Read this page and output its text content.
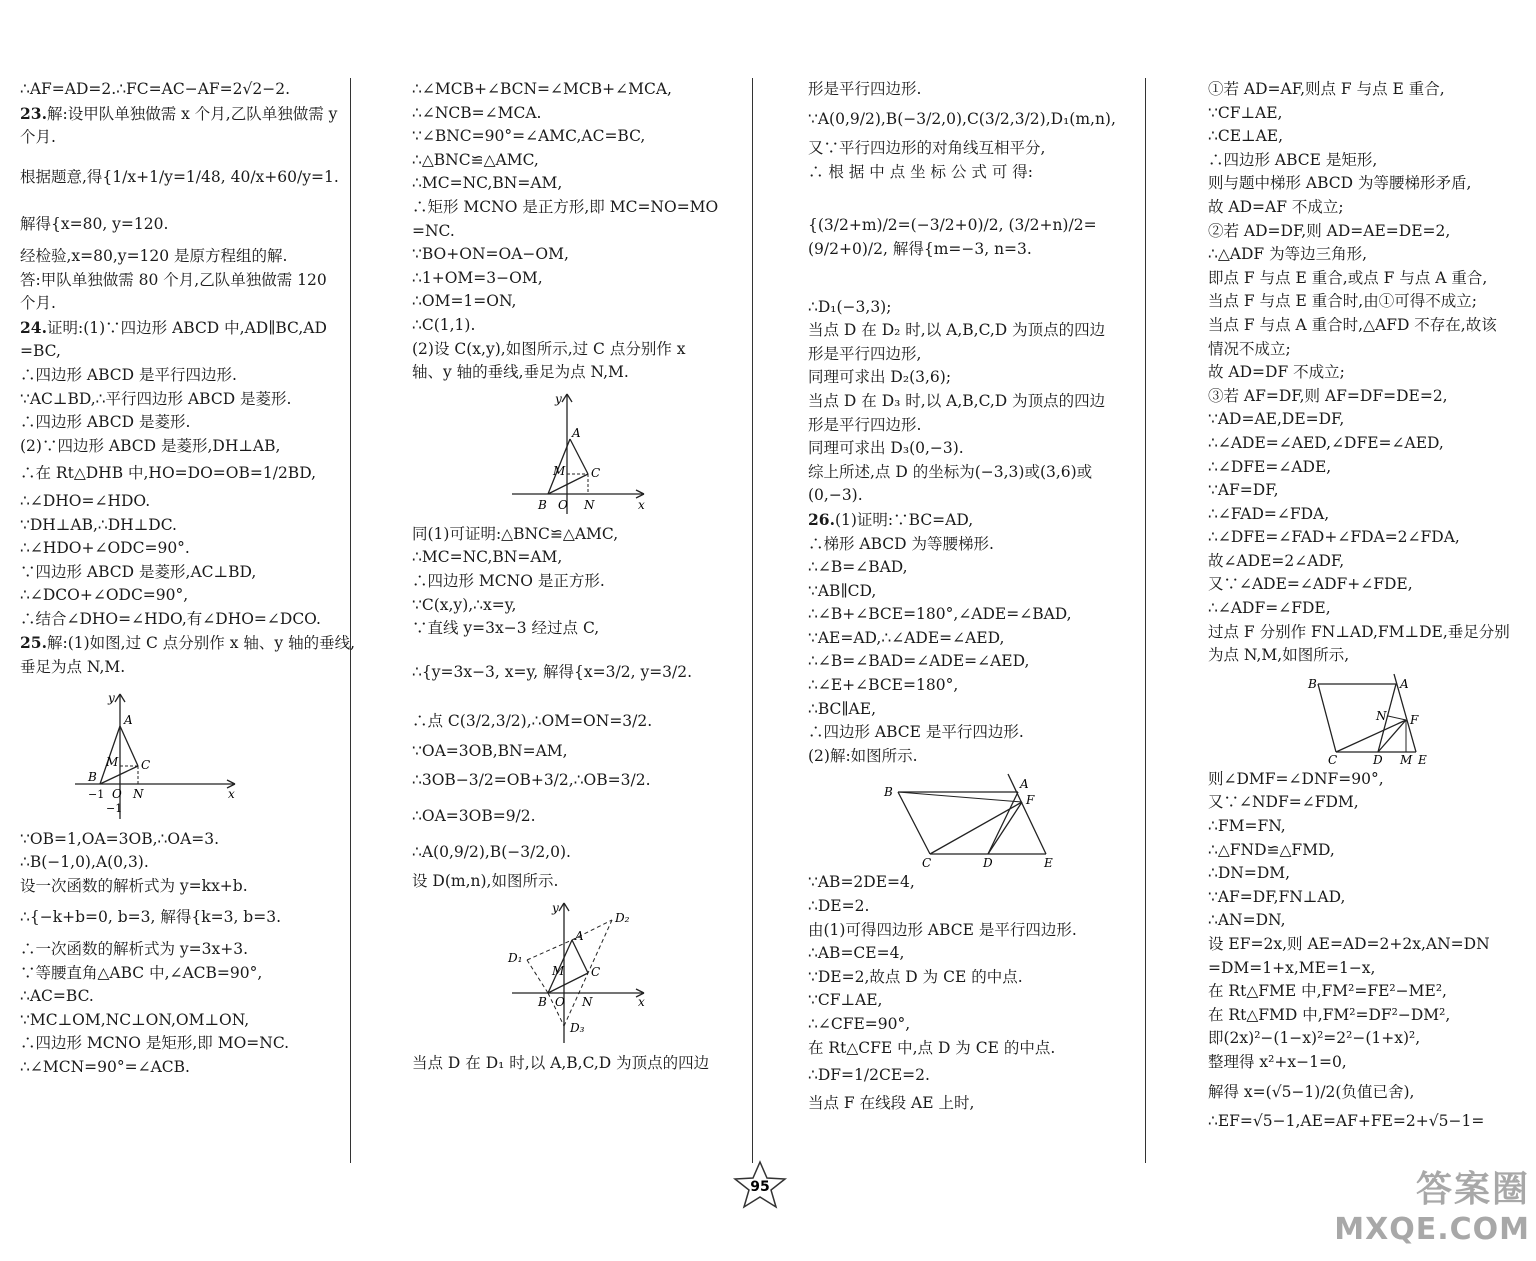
∴AF=AD=2.∴FC=AC−AF=2√2−2.
23.解:设甲队单独做需 x 个月,乙队单独做需 y
个月.
根据题意,得{1/x+1/y=1/48, 40/x+60/y=1.
解得{x=80, y=120.
经检验,x=80,y=120 是原方程组的解.
答:甲队单独做需 80 个月,乙队单独做需 120
个月.
24.证明:(1)∵四边形 ABCD 中,AD∥BC,AD
=BC,
∴四边形 ABCD 是平行四边形.
∵AC⊥BD,∴平行四边形 ABCD 是菱形.
∴四边形 ABCD 是菱形.
(2)∵四边形 ABCD 是菱形,DH⊥AB,
∴在 Rt△DHB 中,HO=DO=OB=1/2BD,
∴∠DHO=∠HDO.
∵DH⊥AB,∴DH⊥DC.
∴∠HDO+∠ODC=90°.
∵四边形 ABCD 是菱形,AC⊥BD,
∴∠DCO+∠ODC=90°,
∴结合∠DHO=∠HDO,有∠DHO=∠DCO.
25.解:(1)如图,过 C 点分别作 x 轴、y 轴的垂线,
垂足为点 N,M.
y
A
M C
B
−1 O N	x
−1
∵OB=1,OA=3OB,∴OA=3.
∴B(−1,0),A(0,3).
设一次函数的解析式为 y=kx+b.
∴{−k+b=0, b=3, 解得{k=3, b=3.
∴一次函数的解析式为 y=3x+3.
∵等腰直角△ABC 中,∠ACB=90°,
∴AC=BC.
∵MC⊥OM,NC⊥ON,OM⊥ON,
∴四边形 MCNO 是矩形,即 MO=NC.
∴∠MCN=90°=∠ACB.
∴∠MCB+∠BCN=∠MCB+∠MCA,
∴∠NCB=∠MCA.
∵∠BNC=90°=∠AMC,AC=BC,
∴△BNC≌△AMC,
∴MC=NC,BN=AM,
∴矩形 MCNO 是正方形,即 MC=NO=MO
=NC.
∵BO+ON=OA−OM,
∴1+OM=3−OM,
∴OM=1=ON,
∴C(1,1).
(2)设 C(x,y),如图所示,过 C 点分别作 x
轴、y 轴的垂线,垂足为点 N,M.
y
A
M C
B O N	x
同(1)可证明:△BNC≌△AMC,
∴MC=NC,BN=AM,
∴四边形 MCNO 是正方形.
∵C(x,y),∴x=y,
∵直线 y=3x−3 经过点 C,
∴{y=3x−3, x=y, 解得{x=3/2, y=3/2.
∴点 C(3/2,3/2),∴OM=ON=3/2.
∵OA=3OB,BN=AM,
∴3OB−3/2=OB+3/2,∴OB=3/2.
∴OA=3OB=9/2.
∴A(0,9/2),B(−3/2,0).
设 D(m,n),如图所示.
y
D₂
D₁
A
M C
B O N	x
D₃
当点 D 在 D₁ 时,以 A,B,C,D 为顶点的四边
形是平行四边形.
∵A(0,9/2),B(−3/2,0),C(3/2,3/2),D₁(m,n),
又∵平行四边形的对角线互相平分,
∴ 根 据 中 点 坐 标 公 式 可 得:
{(3/2+m)/2=(−3/2+0)/2, (3/2+n)/2=(9/2+0)/2, 解得{m=−3, n=3.
∴D₁(−3,3);
当点 D 在 D₂ 时,以 A,B,C,D 为顶点的四边
形是平行四边形,
同理可求出 D₂(3,6);
当点 D 在 D₃ 时,以 A,B,C,D 为顶点的四边
形是平行四边形.
同理可求出 D₃(0,−3).
综上所述,点 D 的坐标为(−3,3)或(3,6)或
(0,−3).
26.(1)证明:∵BC=AD,
∴梯形 ABCD 为等腰梯形.
∴∠B=∠BAD,
∵AB∥CD,
∴∠B+∠BCE=180°,∠ADE=∠BAD,
∵AE=AD,∴∠ADE=∠AED,
∴∠B=∠BAD=∠ADE=∠AED,
∴∠E+∠BCE=180°,
∴BC∥AE,
∴四边形 ABCE 是平行四边形.
(2)解:如图所示.
B
A
F
C	D	E
∵AB=2DE=4,
∴DE=2.
由(1)可得四边形 ABCE 是平行四边形.
∴AB=CE=4,
∵DE=2,故点 D 为 CE 的中点.
∵CF⊥AE,
∴∠CFE=90°,
在 Rt△CFE 中,点 D 为 CE 的中点.
∴DF=1/2CE=2.
当点 F 在线段 AE 上时,
①若 AD=AF,则点 F 与点 E 重合,
∵CF⊥AE,
∴CE⊥AE,
∴四边形 ABCE 是矩形,
则与题中梯形 ABCD 为等腰梯形矛盾,
故 AD=AF 不成立;
②若 AD=DF,则 AD=AE=DE=2,
∴△ADF 为等边三角形,
即点 F 与点 E 重合,或点 F 与点 A 重合,
当点 F 与点 E 重合时,由①可得不成立;
当点 F 与点 A 重合时,△AFD 不存在,故该
情况不成立;
故 AD=DF 不成立;
③若 AF=DF,则 AF=DF=DE=2,
∵AD=AE,DE=DF,
∴∠ADE=∠AED,∠DFE=∠AED,
∴∠DFE=∠ADE,
∵AF=DF,
∴∠FAD=∠FDA,
∴∠DFE=∠FAD+∠FDA=2∠FDA,
故∠ADE=2∠ADF,
又∵∠ADE=∠ADF+∠FDE,
∴∠ADF=∠FDE,
过点 F 分别作 FN⊥AD,FM⊥DE,垂足分别
为点 N,M,如图所示,
B	A
N F
C	D M E
则∠DMF=∠DNF=90°,
又∵∠NDF=∠FDM,
∴FM=FN,
∴△FND≌△FMD,
∴DN=DM,
∵AF=DF,FN⊥AD,
∴AN=DN,
设 EF=2x,则 AE=AD=2+2x,AN=DN
=DM=1+x,ME=1−x,
在 Rt△FME 中,FM²=FE²−ME²,
在 Rt△FMD 中,FM²=DF²−DM²,
即(2x)²−(1−x)²=2²−(1+x)²,
整理得 x²+x−1=0,
解得 x=(√5−1)/2(负值已舍),
∴EF=√5−1,AE=AF+FE=2+√5−1=
95	答案圈
MXQE.COM
